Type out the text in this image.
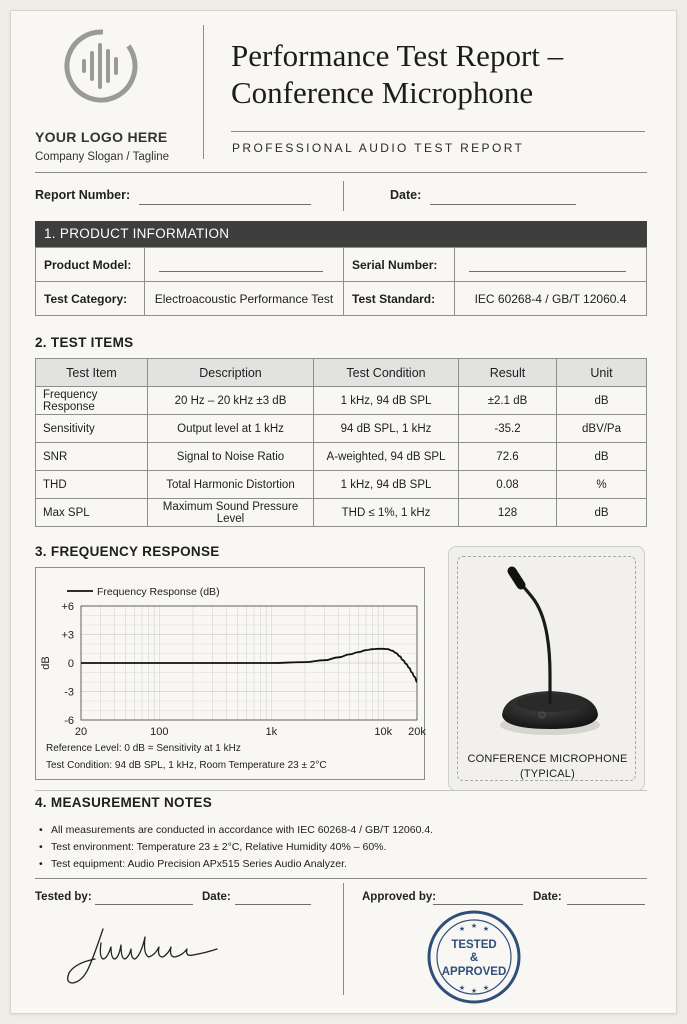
YOUR LOGO HERE
Company Slogan / Tagline
Performance Test Report –
Conference Microphone
PROFESSIONAL AUDIO TEST REPORT
Report Number:	Date:
1. PRODUCT INFORMATION
Product Model:		Serial Number:	

Test Category:	Electroacoustic Performance Test	Test Standard:	IEC 60268-4 / GB/T 12060.4
2. TEST ITEMS
Test Item	Description	Test Condition	Result	Unit
Frequency Response	20 Hz – 20 kHz ±3 dB	1 kHz, 94 dB SPL	±2.1 dB	dB
Sensitivity	Output level at 1 kHz	94 dB SPL, 1 kHz	-35.2	dBV/Pa
SNR	Signal to Noise Ratio	A-weighted, 94 dB SPL	72.6	dB
THD	Total Harmonic Distortion	1 kHz, 94 dB SPL	0.08	%
Max SPL	Maximum Sound Pressure Level	THD ≤ 1%, 1 kHz	128	dB
3. FREQUENCY RESPONSE
+6
+3
0
-3
-6
20	100	1k	10k 20k
dB
Frequency Response (dB)
Reference Level: 0 dB = Sensitivity at 1 kHz
Test Condition: 94 dB SPL, 1 kHz, Room Temperature 23 ± 2°C
CONFERENCE MICROPHONE
(TYPICAL)
4. MEASUREMENT NOTES
• All measurements are conducted in accordance with IEC 60268-4 / GB/T 12060.4.
• Test environment: Temperature 23 ± 2°C, Relative Humidity 40% – 60%.
• Test equipment: Audio Precision APx515 Series Audio Analyzer.
Tested by:	Date:	Approved by:	Date:
★ ★ ★
★ ★ ★
TESTED
&
APPROVED
